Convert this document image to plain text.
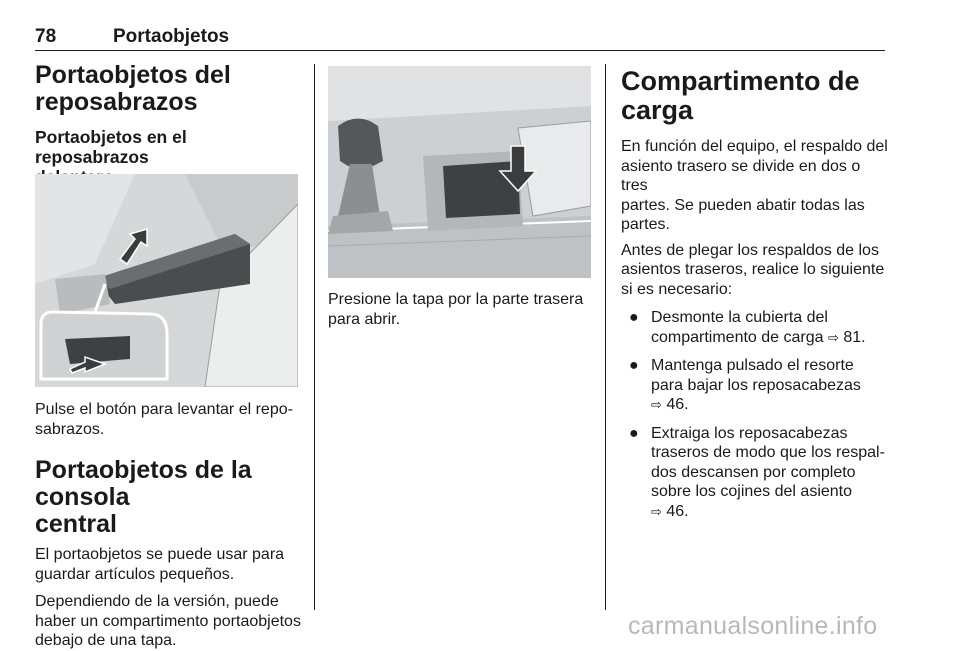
78	Portaobjetos
Portaobjetos del
reposabrazos
Portaobjetos en el reposabrazos
Pulse el botón para levantar el repo-
sabrazos.
Portaobjetos de la consola
central
El portaobjetos se puede usar para
guardar artículos pequeños.
Dependiendo de la versión, puede
haber un compartimento portaobjetos
debajo de una tapa.
Presione la tapa por la parte trasera
para abrir.
Compartimento de
carga
En función del equipo, el respaldo del
asiento trasero se divide en dos o tres
partes. Se pueden abatir todas las
partes.
Antes de plegar los respaldos de los
asientos traseros, realice lo siguiente
si es necesario:
● Desmonte la cubierta del
compartimento de carga ⇨ 81.
● Mantenga pulsado el resorte
para bajar los reposacabezas
⇨ 46.
● Extraiga los reposacabezas
traseros de modo que los respal-
dos descansen por completo
sobre los cojines del asiento
⇨ 46.
carmanualsonline.info
